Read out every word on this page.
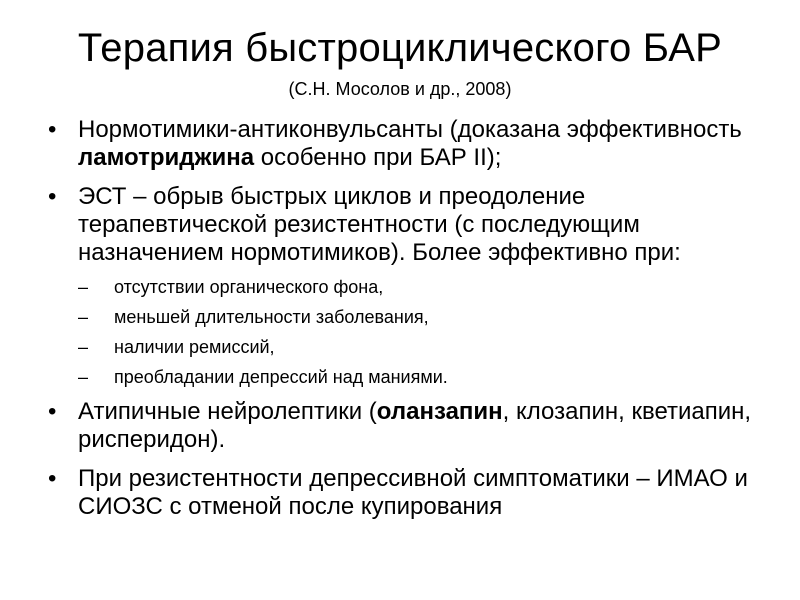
Терапия быстроциклического БАР
(С.Н. Мосолов и др., 2008)
• Нормотимики-антиконвульсанты (доказана эффективность ламотриджина особенно при БАР II);
• ЭСТ – обрыв быстрых циклов и преодоление терапевтической резистентности (с последующим назначением нормотимиков). Более эффективно при:
–	отсутствии органического фона,
–	меньшей длительности заболевания,
–	наличии ремиссий,
–	преобладании депрессий над маниями.
• Атипичные нейролептики (оланзапин, клозапин, кветиапин, рисперидон).
• При резистентности депрессивной симптоматики – ИМАО и СИОЗС с отменой после купирования
